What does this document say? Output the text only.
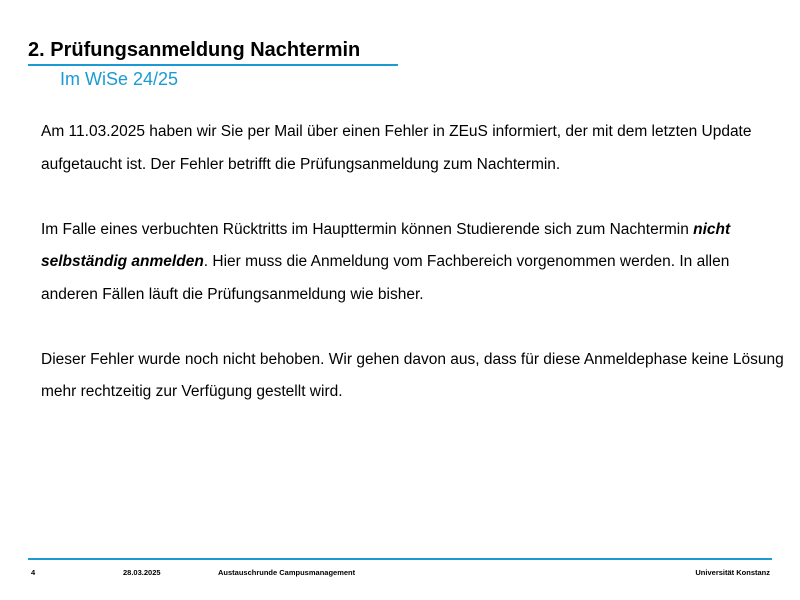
2. Prüfungsanmeldung Nachtermin
Im WiSe 24/25

Am 11.03.2025 haben wir Sie per Mail über einen Fehler in ZEuS informiert, der mit dem letzten Update aufgetaucht ist. Der Fehler betrifft die Prüfungsanmeldung zum Nachtermin.

Im Falle eines verbuchten Rücktritts im Haupttermin können Studierende sich zum Nachtermin nicht selbständig anmelden. Hier muss die Anmeldung vom Fachbereich vorgenommen werden. In allen anderen Fällen läuft die Prüfungsanmeldung wie bisher.

Dieser Fehler wurde noch nicht behoben. Wir gehen davon aus, dass für diese Anmeldephase keine Lösung mehr rechtzeitig zur Verfügung gestellt wird.

4	28.03.2025	Austauschrunde Campusmanagement	Universität Konstanz
